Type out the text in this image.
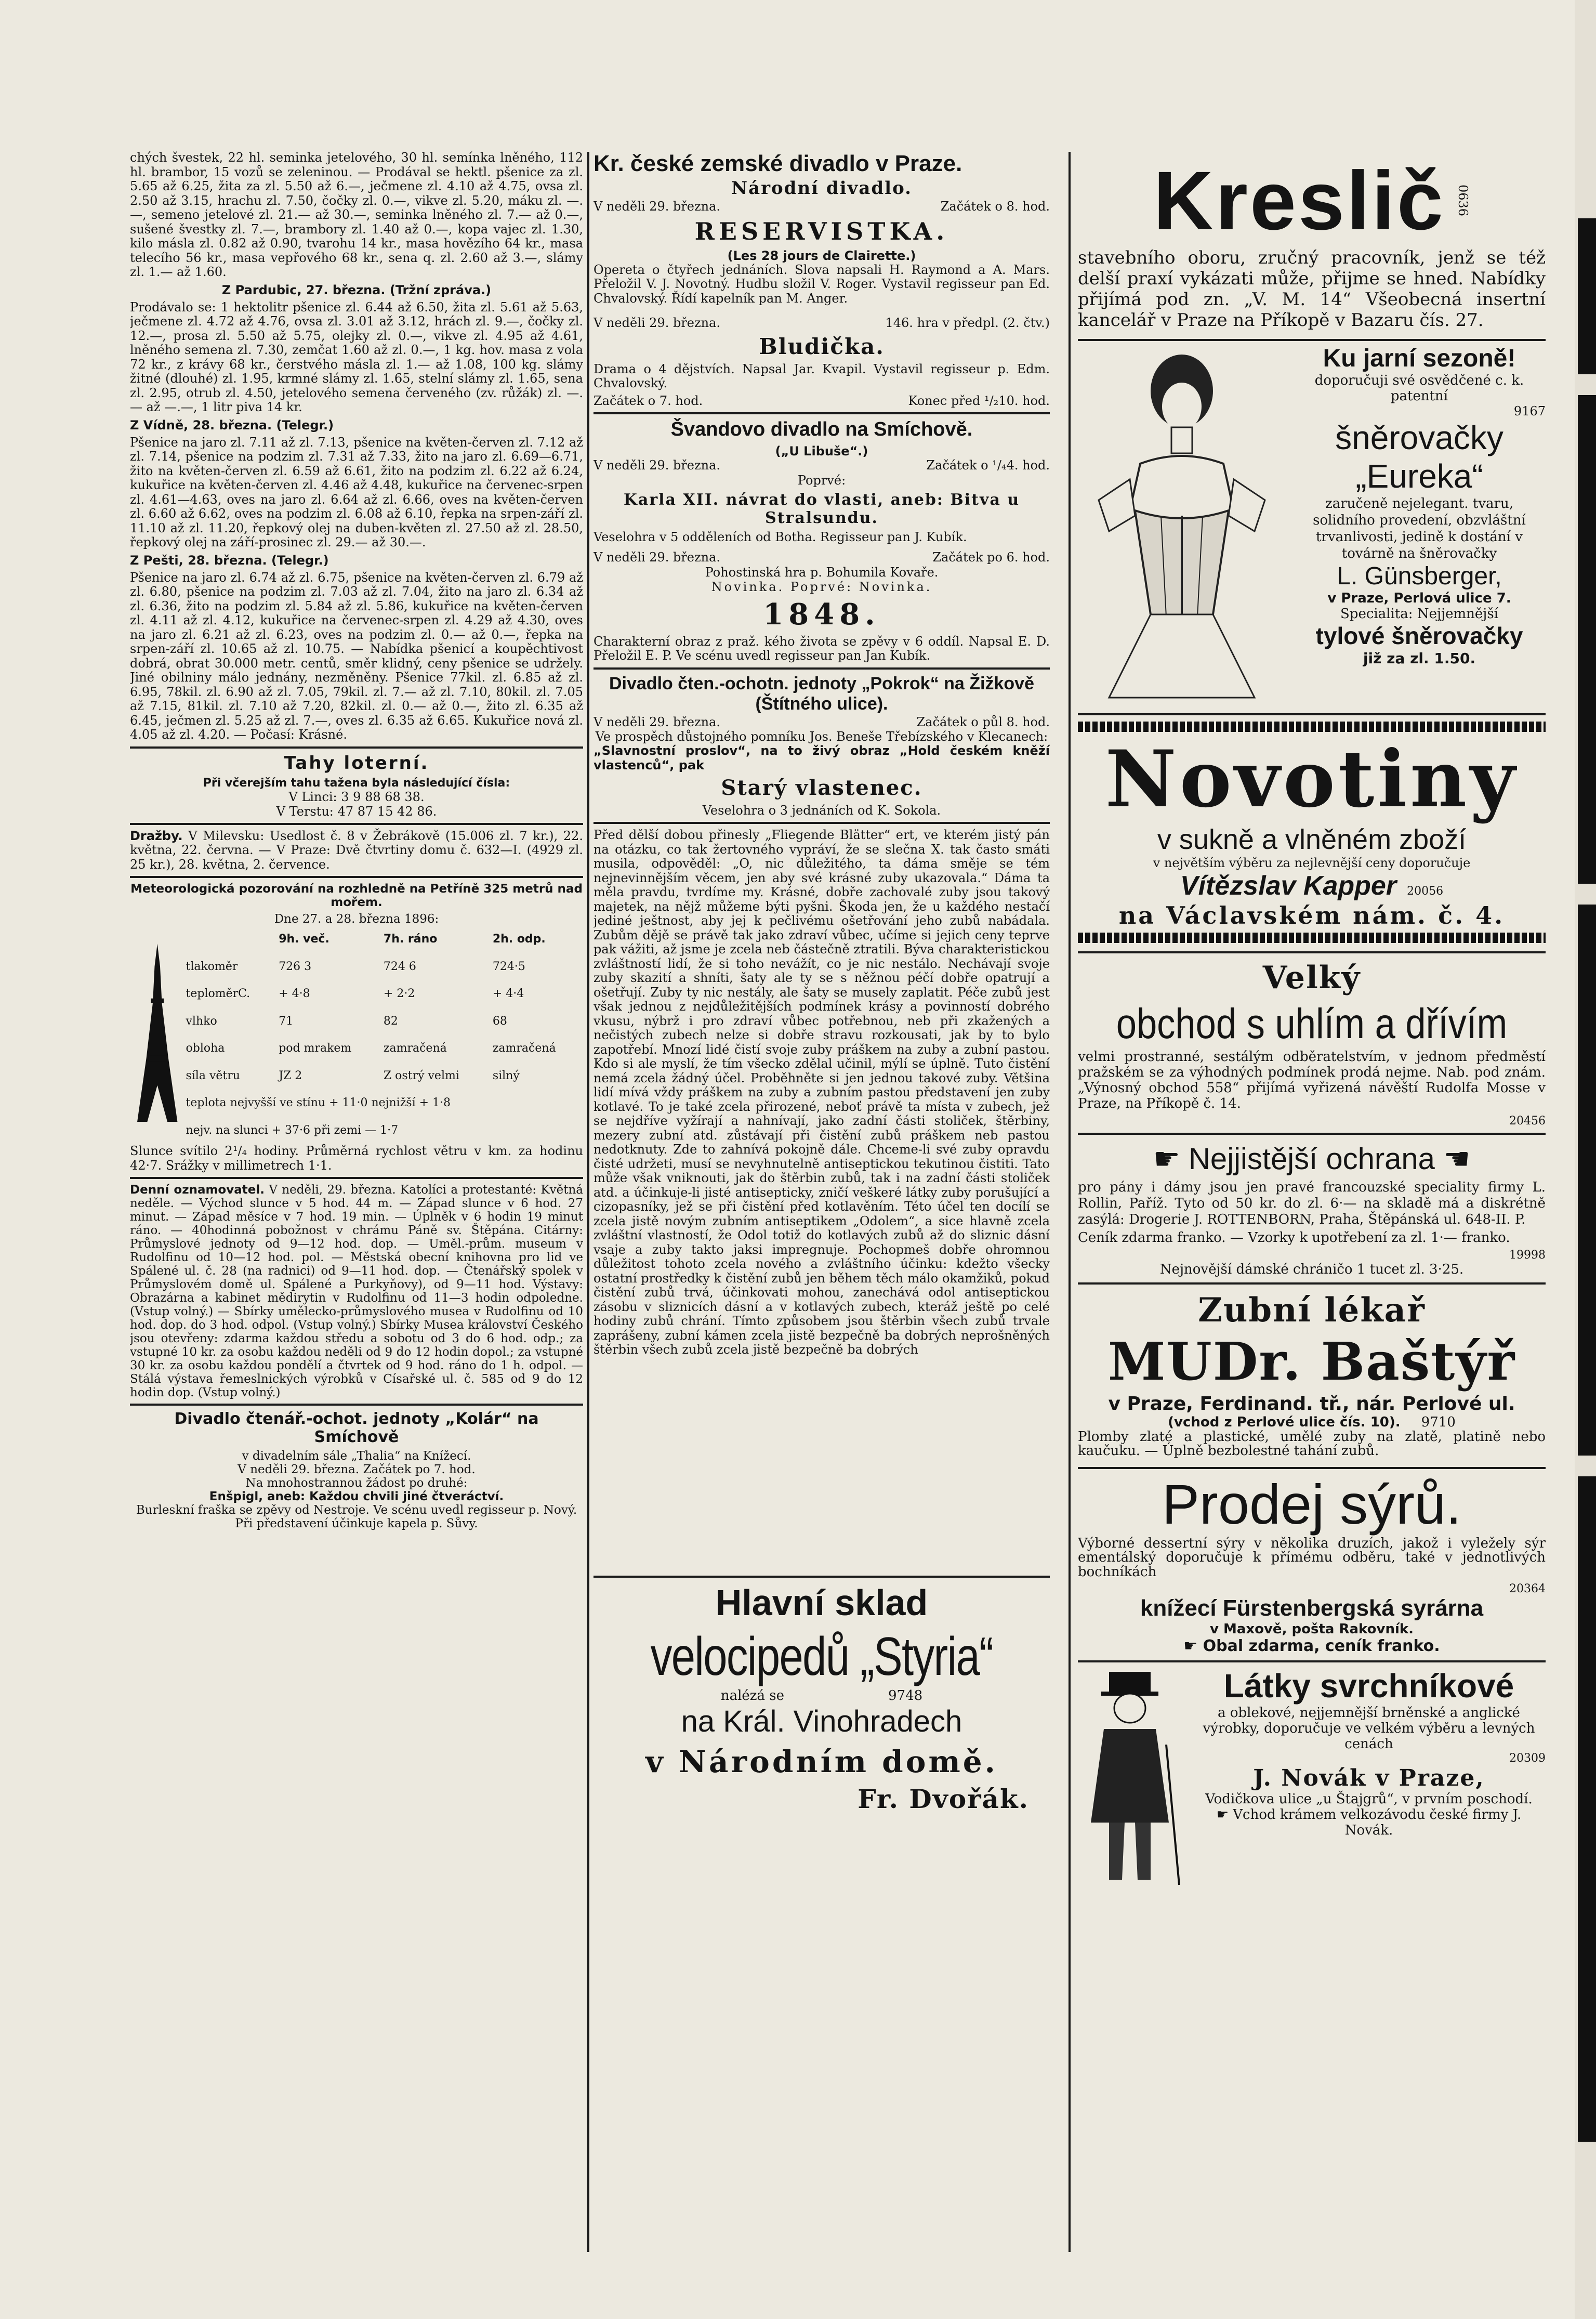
chých švestek, 22 hl. seminka jetelového, 30 hl. semínka lněného, 112 hl. brambor, 15 vozů se zeleninou. — Prodával se hektl. pšenice za zl. 5.65 až 6.25, žita za zl. 5.50 až 6.—, ječmene zl. 4.10 až 4.75, ovsa zl. 2.50 až 3.15, hrachu zl. 7.50, čočky zl. 0.—, vikve zl. 5.20, máku zl. —.—, semeno jetelové zl. 21.— až 30.—, seminka lněného zl. 7.— až 0.—, sušené švestky zl. 7.—, brambory zl. 1.40 až 0.—, kopa vajec zl. 1.30, kilo másla zl. 0.82 až 0.90, tvarohu 14 kr., masa hovězího 64 kr., masa telecího 56 kr., masa vepřového 68 kr., sena q. zl. 2.60 až 3.—, slámy zl. 1.— až 1.60.

Z Pardubic, 27. března. (Tržní zpráva.)

Prodávalo se: 1 hektolitr pšenice zl. 6.44 až 6.50, žita zl. 5.61 až 5.63, ječmene zl. 4.72 až 4.76, ovsa zl. 3.01 až 3.12, hrách zl. 9.—, čočky zl. 12.—, prosa zl. 5.50 až 5.75, olejky zl. 0.—, vikve zl. 4.95 až 4.61, lněného semena zl. 7.30, zemčat 1.60 až zl. 0.—, 1 kg. hov. masa z vola 72 kr., z krávy 68 kr., čerstvého másla zl. 1.— až 1.08, 100 kg. slámy žitné (dlouhé) zl. 1.95, krmné slámy zl. 1.65, stelní slámy zl. 1.65, sena zl. 2.95, otrub zl. 4.50, jetelového semena červeného (zv. růžák) zl. —.— až —.—, 1 litr piva 14 kr.

Z Vídně, 28. března. (Telegr.)

Pšenice na jaro zl. 7.11 až zl. 7.13, pšenice na květen-červen zl. 7.12 až zl. 7.14, pšenice na podzim zl. 7.31 až 7.33, žito na jaro zl. 6.69—6.71, žito na květen-červen zl. 6.59 až 6.61, žito na podzim zl. 6.22 až 6.24, kukuřice na květen-červen zl. 4.46 až 4.48, kukuřice na červenec-srpen zl. 4.61—4.63, oves na jaro zl. 6.64 až zl. 6.66, oves na květen-červen zl. 6.60 až 6.62, oves na podzim zl. 6.08 až 6.10, řepka na srpen-září zl. 11.10 až zl. 11.20, řepkový olej na duben-květen zl. 27.50 až zl. 28.50, řepkový olej na září-prosinec zl. 29.— až 30.—.

Z Pešti, 28. března. (Telegr.)

Pšenice na jaro zl. 6.74 až zl. 6.75, pšenice na květen-červen zl. 6.79 až zl. 6.80, pšenice na podzim zl. 7.03 až zl. 7.04, žito na jaro zl. 6.34 až zl. 6.36, žito na podzim zl. 5.84 až zl. 5.86, kukuřice na květen-červen zl. 4.11 až zl. 4.12, kukuřice na červenec-srpen zl. 4.29 až 4.30, oves na jaro zl. 6.21 až zl. 6.23, oves na podzim zl. 0.— až 0.—, řepka na srpen-září zl. 10.65 až zl. 10.75. — Nabídka pšenicí a koupěchtivost dobrá, obrat 30.000 metr. centů, směr klidný, ceny pšenice se udržely. Jiné obilniny málo jednány, nezměněny. Pšenice 77kil. zl. 6.85 až zl. 6.95, 78kil. zl. 6.90 až zl. 7.05, 79kil. zl. 7.— až zl. 7.10, 80kil. zl. 7.05 až 7.15, 81kil. zl. 7.10 až 7.20, 82kil. zl. 0.— až 0.—, žito zl. 6.35 až 6.45, ječmen zl. 5.25 až zl. 7.—, oves zl. 6.35 až 6.65. Kukuřice nová zl. 4.05 až zl. 4.20. — Počasí: Krásné.

Tahy loterní.
Při včerejším tahu tažena byla následující čísla:
V Linci: 3 9 88 68 38.
V Terstu: 47 87 15 42 86.

Dražby. V Milevsku: Usedlost č. 8 v Žebrákově (15.006 zl. 7 kr.), 22. května, 22. června. — V Praze: Dvě čtvrtiny domu č. 632—I. (4929 zl. 25 kr.), 28. května, 2. července.

Meteorologická pozorování na rozhledně na Petříně 325 metrů nad mořem.
Dne 27. a 28. března 1896:
	9h. več.	7h. ráno	2h. odp.
tlakoměr	726 3	724 6	724·5
teploměrC.	+ 4·8	+ 2·2	+ 4·4
vlhko	71	82	68
obloha	pod mrakem	zamračená	zamračená
síla větru	JZ 2	Z ostrý velmi	silný
teplota nejvyšší ve stínu + 11·0 nejnižší + 1·8			
nejv. na slunci + 37·6 při zemi — 1·7			

Slunce svítilo 2¹/₄ hodiny. Průměrná rychlost větru v km. za hodinu 42·7. Srážky v millimetrech 1·1.

Denní oznamovatel. V neděli, 29. března. Katolíci a protestanté: Květná neděle. — Východ slunce v 5 hod. 44 m. — Západ slunce v 6 hod. 27 minut. — Západ měsíce v 7 hod. 19 min. — Úplněk v 6 hodin 19 minut ráno. — 40hodinná pobožnost v chrámu Páně sv. Štěpána. Citárny: Průmyslové jednoty od 9—12 hod. dop. — Uměl.-prům. museum v Rudolfinu od 10—12 hod. pol. — Městská obecní knihovna pro lid ve Spálené ul. č. 28 (na radnici) od 9—11 hod. dop. — Čtenářský spolek v Průmyslovém domě ul. Spálené a Purkyňovy), od 9—11 hod. Výstavy: Obrazárna a kabinet mědirytin v Rudolfinu od 11—3 hodin odpoledne. (Vstup volný.) — Sbírky umělecko-průmyslového musea v Rudolfinu od 10 hod. dop. do 3 hod. odpol. (Vstup volný.) Sbírky Musea království Českého jsou otevřeny: zdarma každou středu a sobotu od 3 do 6 hod. odp.; za vstupné 10 kr. za osobu každou neděli od 9 do 12 hodin dopol.; za vstupné 30 kr. za osobu každou pondělí a čtvrtek od 9 hod. ráno do 1 h. odpol. — Stálá výstava řemeslnických výrobků v Císařské ul. č. 585 od 9 do 12 hodin dop. (Vstup volný.)

Divadlo čtenář.-ochot. jednoty „Kolár“ na Smíchově
v divadelním sále „Thalia“ na Knížecí.
V neděli 29. března. Začátek po 7. hod.
Na mnohostrannou žádost po druhé:
Enšpigl, aneb: Každou chvili jiné čtveráctví.
Burleskní fraška se zpěvy od Nestroje. Ve scénu uvedl regisseur p. Nový.
Při představení účinkuje kapela p. Sůvy.
Kr. české zemské divadlo v Praze.
Národní divadlo.
V neděli 29. března.	Začátek o 8. hod.
RESERVISTKA.
(Les 28 jours de Clairette.)

Opereta o čtyřech jednáních. Slova napsali H. Raymond a A. Mars. Přeložil V. J. Novotný. Hudbu složil V. Roger. Vystavil regisseur pan Ed. Chvalovský. Řídí kapelník pan M. Anger.

V neděli 29. března.	146. hra v předpl. (2. čtv.)
Bludička.

Drama o 4 dějstvích. Napsal Jar. Kvapil. Vystavil regisseur p. Edm. Chvalovský.

Začátek o 7. hod.	Konec před ¹/₂10. hod.
Švandovo divadlo na Smíchově.
(„U Libuše“.)
V neděli 29. března.	Začátek o ¹/₄4. hod.
Poprvé:
Karla XII. návrat do vlasti, aneb: Bitva u Stralsundu.

Veselohra v 5 odděleních od Botha. Regisseur pan J. Kubík.

V neděli 29. března.	Začátek po 6. hod.
Pohostinská hra p. Bohumila Kovaře.
Novinka. Poprvé: Novinka.
1848.

Charakterní obraz z praž. kého života se zpěvy v 6 oddíl. Napsal E. D. Přeložil E. P. Ve scénu uvedl regisseur pan Jan Kubík.

Divadlo čten.-ochotn. jednoty „Pokrok“ na Žižkově (Štítného ulice).
V neděli 29. března.	Začátek o půl 8. hod.
Ve prospěch důstojného pomníku Jos. Beneše Třebízského v Klecanech:

„Slavnostní proslov“, na to živý obraz „Hold českém kněží vlastenců“, pak

Starý vlastenec.
Veselohra o 3 jednáních od K. Sokola.

Před dělší dobou přinesly „Fliegende Blätter“ ert, ve kterém jistý pán na otázku, co tak žertovného vypráví, že se slečna X. tak často smáti musila, odpověděl: „O, nic důležitého, ta dáma směje se tém nejnevinnějším věcem, jen aby své krásné zuby ukazovala.“ Dáma ta měla pravdu, tvrdíme my. Krásné, dobře zachovalé zuby jsou takový majetek, na nějž můžeme býti pyšni. Škoda jen, že u každého nestačí jediné ještnost, aby jej k pečlivému ošetřování jeho zubů nabádala. Zubům dějě se právě tak jako zdraví vůbec, učíme si jejich ceny teprve pak vážiti, až jsme je zcela neb částečně ztratili. Býva charakteristickou zvláštností lidí, že si toho nevážít, co je nic nestálo. Nechávají svoje zuby skazití a shníti, šaty ale ty se s něžnou péčí dobře opatrují a ošetřují. Zuby ty nic nestály, ale šaty se musely zaplatit. Péče zubů jest však jednou z nejdůležitějších podmínek krásy a povinností dobrého vkusu, nýbrž i pro zdraví vůbec potřebnou, neb při zkažených a nečistých zubech nelze si dobře stravu rozkousati, jak by to bylo zapotřebí. Mnozí lidé čistí svoje zuby práškem na zuby a zubní pastou. Kdo si ale myslí, že tím všecko zdělal učinil, mýlí se úplně. Tuto čistění nemá zcela žádný účel. Proběhněte si jen jednou takové zuby. Většina lidí mívá vždy práškem na zuby a zubním pastou představení jen zuby kotlavé. To je také zcela přirozené, neboť právě ta místa v zubech, jež se nejdříve vyžírají a nahnívají, jako zadní části stoliček, štěrbiny, mezery zubní atd. zůstávají při čistění zubů práškem neb pastou nedotknuty. Zde to zahnívá pokojně dále. Chceme-li své zuby opravdu čisté udržeti, musí se nevyhnutelně antiseptickou tekutinou čistiti. Tato může však vniknouti, jak do štěrbin zubů, tak i na zadní části stoliček atd. a účinkuje-li jisté antisepticky, zničí veškeré látky zuby porušující a cizopasníky, jež se při čistění před kotlavěním. Této účel ten docílí se zcela jistě novým zubním antiseptikem „Odolem“, a sice hlavně zcela zvláštní vlastností, že Odol totiž do kotlavých zubů až do sliznic dásní vsaje a zuby takto jaksi impregnuje. Pochopmeš dobře ohromnou důležitost tohoto zcela nového a zvláštního účinku: kdežto všecky ostatní prostředky k čistění zubů jen během těch málo okamžiků, pokud čistění zubů trvá, účinkovati mohou, zanechává odol antiseptickou zásobu v sliznicích dásní a v kotlavých zubech, kteráž ještě po celé hodiny zubů chrání. Tímto způsobem jsou štěrbin všech zubů trvale zaprášeny, zubní kámen zcela jistě bezpečně ba dobrých neprošněných štěrbin všech zubů zcela jistě bezpečně ba dobrých

Hlavní sklad
velocipedů „Styria“
nalézá se	9748
na Král. Vinohradech
v Národním domě.
Fr. Dvořák.
Kreslič 0636

stavebního oboru, zručný pracovník, jenž se též delší praxí vykázati může, přijme se hned. Nabídky přijímá pod zn. „V. M. 14“ Všeobecná insertní kancelář v Praze na Příkopě v Bazaru čís. 27.

Ku jarní sezoně!
doporučuji své osvědčené c. k. patentní
9167
šněrovačky
„Eureka“
zaručeně nejelegant. tvaru, solidního provedení, obzvláštní trvanlivosti, jedině k dostání v továrně na šněrovačky
L. Günsberger,
v Praze, Perlová ulice 7.
Specialita: Nejjemnější
tylové šněrovačky
již za zl. 1.50.
Novotiny
v sukně a vlněném zboží
v největším výběru za nejlevnější ceny doporučuje
Vítězslav Kapper 20056
na Václavském nám. č. 4.
Velký
obchod s uhlím a dřívím

velmi prostranné, sestálým odběratelstvím, v jednom předměstí pražském se za výhodných podmínek prodá nejme. Nab. pod znám. „Výnosný obchod 558“ přijímá vyřizená návěští Rudolfa Mosse v Praze, na Příkopě č. 14.

20456
☛ Nejjistější ochrana ☚

pro pány i dámy jsou jen pravé francouzské speciality firmy L. Rollin, Paříž. Tyto od 50 kr. do zl. 6·— na skladě má a diskrétně zasýlá: Drogerie J. ROTTENBORN, Praha, Štěpánská ul. 648-II. P.

Ceník zdarma franko. — Vzorky k upotřebení za zl. 1·— franko.

19998
Nejnovější dámské chráničo 1 tucet zl. 3·25.
Zubní lékař
MUDr. Baštýř
v Praze, Ferdinand. tř., nár. Perlové ul.
(vchod z Perlové ulice čís. 10). 9710

Plomby zlaté a plastické, umělé zuby na zlatě, platině nebo kaučuku. — Úplně bezbolestné tahání zubů.

Prodej sýrů.

Výborné dessertní sýry v několika druzích, jakož i vyležely sýr ementálský doporučuje k přímému odběru, také v jednotlivých bochníkách

20364
knížecí Fürstenbergská syrárna
v Maxově, pošta Rakovník.
☛ Obal zdarma, ceník franko.
Látky svrchníkové
a oblekové, nejjemnější brněnské a anglické výrobky, doporučuje ve velkém výběru a levných cenách
20309
J. Novák v Praze,
Vodičkova ulice „u Štajgrů“, v prvním poschodí.
☛ Vchod krámem velkozávodu české firmy J. Novák.
